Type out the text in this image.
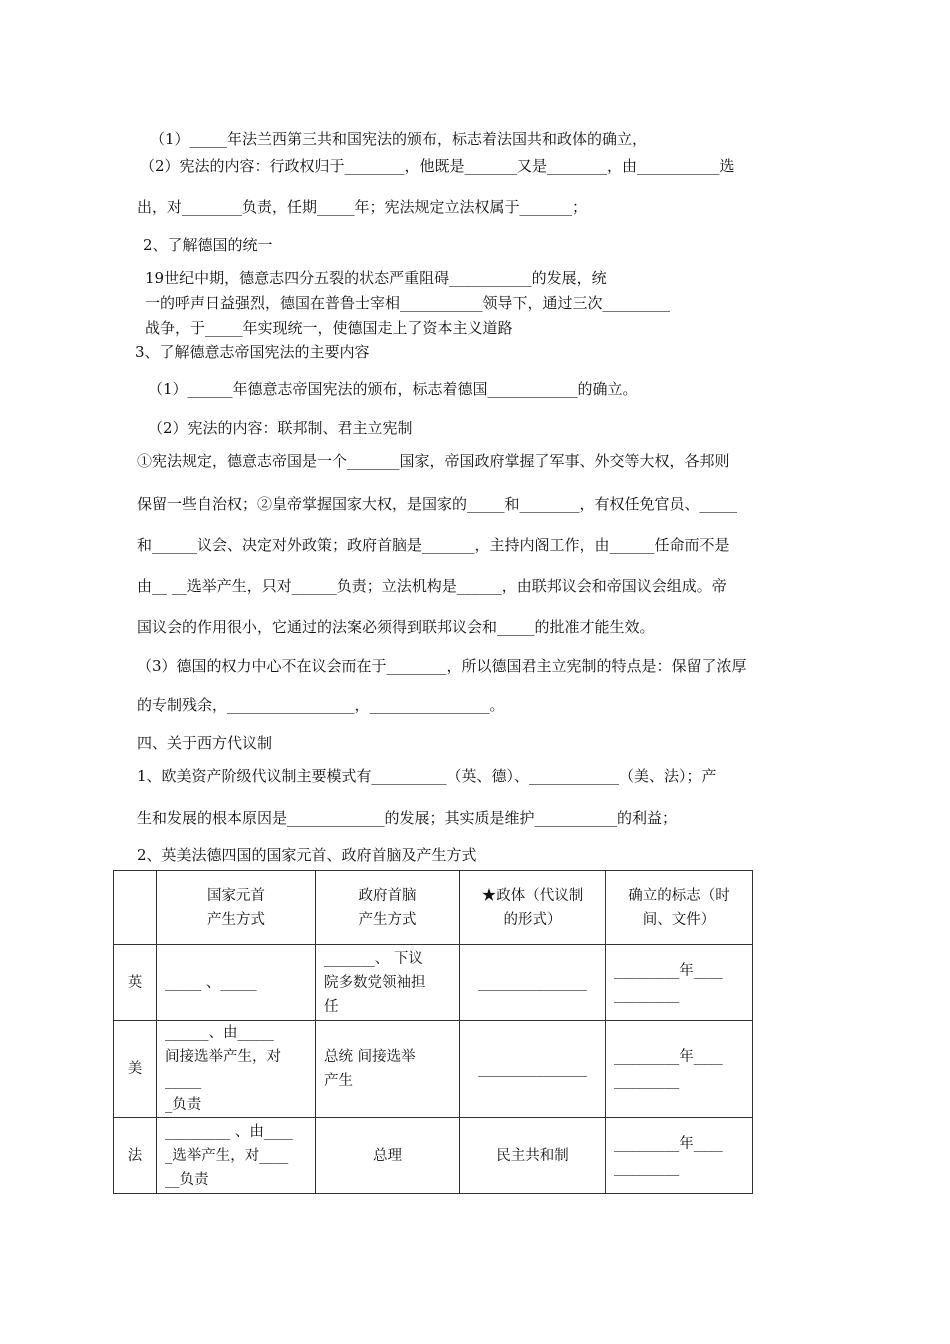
（1）_____年法兰西第三共和国宪法的颁布，标志着法国共和政体的确立，
（2）宪法的内容：行政权归于________，他既是_______又是________，由___________选
出，对________负责，任期_____年；宪法规定立法权属于_______；
2、了解德国的统一
19世纪中期，德意志四分五裂的状态严重阻碍___________的发展，统
一的呼声日益强烈，德国在普鲁士宰相___________领导下，通过三次_________
战争，于_____年实现统一，使德国走上了资本主义道路
3、了解德意志帝国宪法的主要内容
（1）______年德意志帝国宪法的颁布，标志着德国____________的确立。
（2）宪法的内容：联邦制、君主立宪制
①宪法规定，德意志帝国是一个_______国家，帝国政府掌握了军事、外交等大权，各邦则
保留一些自治权；②皇帝掌握国家大权，是国家的_____和________，有权任免官员、_____
和______议会、决定对外政策；政府首脑是_______，主持内阁工作，由______任命而不是
由__ __选举产生，只对______负责；立法机构是______，由联邦议会和帝国议会组成。帝
国议会的作用很小，它通过的法案必须得到联邦议会和_____的批准才能生效。
（3）德国的权力中心不在议会而在于________，所以德国君主立宪制的特点是：保留了浓厚
的专制残余，_________________，________________。
四、关于西方代议制
1、欧美资产阶级代议制主要模式有__________（英、德）、____________（美、法）；产
生和发展的根本原因是_____________的发展；其实质是维护___________的利益；
2、英美法德四国的国家元首、政府首脑及产生方式
	国家元首
产生方式	政府首脑
产生方式	★政体（代议制
的形式）	确立的标志（时
间、文件）
英	_____ 、_____	_______、 下议
院多数党领袖担
任	_______________	_________年____
_________
美	______、由_____
间接选举产生，对_____
_负责	总统 间接选举
产生	_______________	_________年____
_________
法	_________ 、由____
_选举产生，对____
__负责	总理	民主共和制	_________年____
_________
